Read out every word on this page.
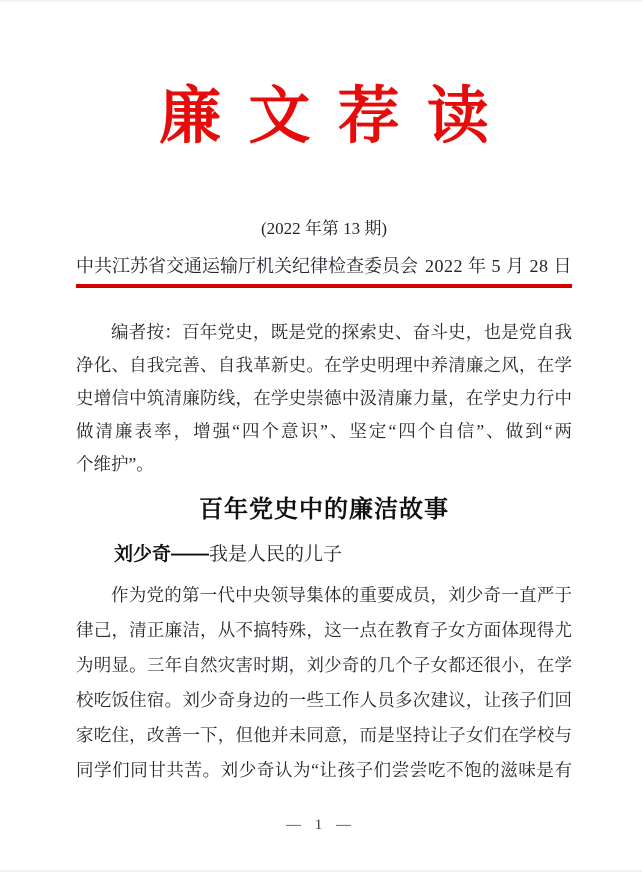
廉文荐读
(2022 年第 13 期)
中共江苏省交通运输厅机关纪律检查委员会 2022 年 5 月 28 日
编者按：百年党史，既是党的探索史、奋斗史，也是党自我
净化、自我完善、自我革新史。在学史明理中养清廉之风，在学
史增信中筑清廉防线，在学史崇德中汲清廉力量，在学史力行中
做清廉表率，增强“四个意识”、坚定“四个自信”、做到“两
个维护”。
百年党史中的廉洁故事
刘少奇——我是人民的儿子
作为党的第一代中央领导集体的重要成员，刘少奇一直严于
律己，清正廉洁，从不搞特殊，这一点在教育子女方面体现得尤
为明显。三年自然灾害时期，刘少奇的几个子女都还很小，在学
校吃饭住宿。刘少奇身边的一些工作人员多次建议，让孩子们回
家吃住，改善一下，但他并未同意，而是坚持让子女们在学校与
同学们同甘共苦。刘少奇认为“让孩子们尝尝吃不饱的滋味是有
— 1 —
